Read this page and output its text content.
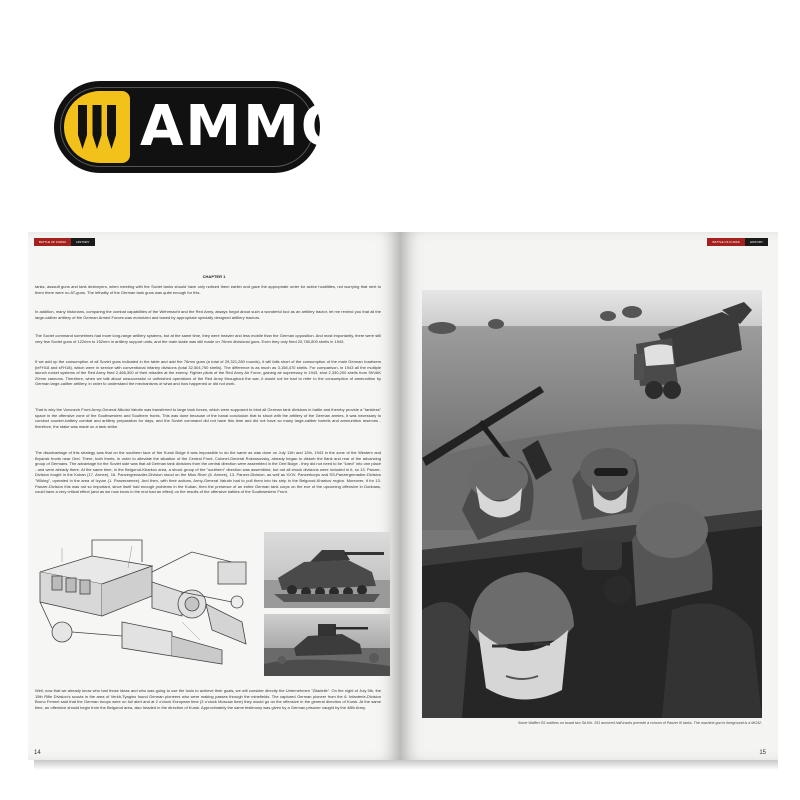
AMMO
BATTLE OF KURSK	HISTORY
CHAPTER 1

tanks, assault guns and tank destroyers, when meeting with the Soviet tanks should have only noticed them earlier and gave the appropriate order for active hostilities, not worrying that next to them there were no AT-guns. The lethality of the German tank guns was quite enough for this.

In addition, many historians, comparing the combat capabilities of the Wehrmacht and the Red Army, always forgot about such a wonderful tool as an artillery tractor, let me remind you that all the large-caliber artillery of the German Armed Forces was motorized and towed by appropriate specially designed artillery tractors.

The Soviet command sometimes had more long-range artillery systems, but at the same time, they were heavier and less mobile than the German opposition. And most importantly, there were still very few Soviet guns of 122mm to 152mm in artillery support units, and the main stake was still made on 76mm divisional guns. Even they only fired 20,780,800 shells in 1943.

If we add up the consumption of all Soviet guns indicated in the table and add the 76mm guns (a total of 29,321,280 rounds), it will falls short of the consumption of the main German howitzers (leFH18 and sFH18), which were in service with conventional infantry divisions (total 32,504,750 shells). The difference is as much as 3,158,470 shells. For comparison, in 1943 all the multiple launch rocket systems of the Red Army fired 2,466,300 of their missiles at the enemy. Fighter pilots of the Red Army Air Force, gaining air supremacy in 1943, shot 2,330,200 shells from ShVAK 20mm cannons. Therefore, when we talk about unsuccessful or unfinished operations of the Red Army throughout the war, it would not be bad to refer to the consumption of ammunition by German large-caliber artillery, in order to understand the mechanisms of what and how happened or did not work.

That is why the Voronezh Front Army-General Nikolai Vatutin was transferred to large tank forces, which were supposed to bind all German tank divisions in battle and thereby provide a "tankless" space in the offensive zone of the Southwestern and Southern fronts. This was done because of the banal conclusion that to shoot with the artillery of the German armies, it was necessary to conduct counter-battery combat and artillery preparation for days, and the Soviet command did not have this time and did not have so many large-caliber barrels and ammunition reserves - therefore, the stake was made on a tank strike.

The disadvantage of this strategy was that on the southern face of the Kursk Bulge it was impossible to do the same as was done on July 11th and 12th, 1943 in the zone of the Western and Bryansk fronts near Orel. There, both fronts, in order to alleviate the situation of the Central Front, Colonel-General Rokossovsky, already began to disturb the flank and rear of the advancing group of Germans. The advantage for the Soviet side was that all German tank divisions from the central direction were assembled in the Orel Bulge - they did not need to be "lured" into one place - and were already there. At the same time, in the Belgorod-Kharkov area, a shock group of the "southern" direction was assembled, but not all shock divisions were included in it, so 13. Panzer-Division fought in the Kuban (17. Armee), 16. Panzergrenadier-Division stood on the Mius River (6. Armee), 13. Panzer-Division, as well as XXIV. Panzerkorps and SS-Panzergrenadier-Division "Wiking", operated in the area of Izyum (1. Panzerarmee). And then, with their actions, Army-General Vatutin had to pull them into his strip in the Belgorod-Kharkov region. Moreover, if for 13. Panzer-Division this was not so important, since itself had enough problems in the Kuban, then the presence of an entire German tank corps on the eve of the upcoming offensive in Donbass, could have a very critical effect (and as we now know in the end had an effect) on the results of the offensive battles of the Southwestern Front.

Well, now that we already know who had those ideas and who was going to use the tools to achieve their goals, we will consider directly the Unternehmen "Zitadelle". On the night of July 5th, the 15th Rifle Division's scouts in the area of Verkh-Tyagino found German pioneers who were making passes through the minefields. The captured German pioneer from the 6. Infanterie-Division Bruno Fermel said that the German troops were on full alert and at 2 o'clock European time (3 o'clock Moscow time) they would go on the offensive in the general direction of Kursk. At the same time, an offensive should begin from the Belgorod area, also headed in the direction of Kursk. Approximately the same testimony was given by a German prisoner caught by the 48th Army.

14
BATTLE OF KURSK	HISTORY
Some Waffen SS soldiers on board two Sd.Kfz. 251 armored half-tracks precede a column of Panzer III tanks. The machine gun in foreground is a MG42.
15
